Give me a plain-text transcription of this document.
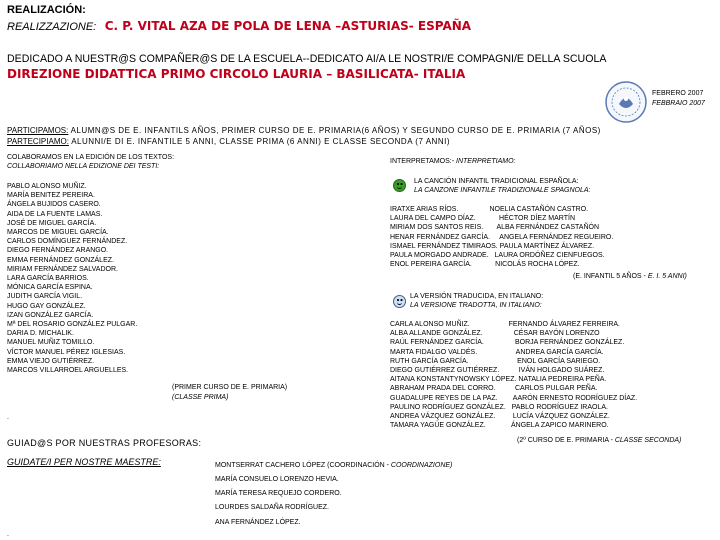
REALIZACIÓN:
REALIZZAZIONE: C. P. VITAL AZA DE POLA DE LENA –ASTURIAS- ESPAÑA
DEDICADO A NUESTR@S COMPAÑER@S DE LA ESCUELA--DEDICATO AI/A LE NOSTRI/E COMPAGNI/E DELLA SCUOLA
DIREZIONE DIDATTICA PRIMO CIRCOLO LAURIA – BASILICATA- ITALIA
FEBRERO 2007
FEBBRAIO 2007
PARTICIPAMOS: ALUMN@S DE E. INFANTILS AÑOS, PRIMER CURSO DE E. PRIMARIA(6 AÑOS) Y SEGUNDO CURSO DE E. PRIMARIA (7 AÑOS)
PARTECIPIAMO: ALUNNI/E DI E. INFANTILE 5 ANNI, CLASSE PRIMA (6 ANNI) E CLASSE SECONDA (7 ANNI)
COLABORAMOS EN LA EDICIÓN DE LOS TEXTOS:
COLLABORIAMO NELLA EDIZIONE DEI TESTI:
PABLO ALONSO MUÑIZ.
MARÍA BENITEZ PEREIRA.
ÁNGELA BUJIDOS CASERO.
AIDA DE LA FUENTE LAMAS.
JOSÉ DE MIGUEL GARCÍA.
MARCOS DE MIGUEL GARCÍA.
CARLOS DOMÍNGUEZ FERNÁNDEZ.
DIEGO FERNÁNDEZ ARANGO.
EMMA FERNÁNDEZ GONZÁLEZ.
MIRIAM FERNÁNDEZ SALVADOR.
LARA GARCÍA BARRIOS.
MÓNICA GARCÍA ESPINA.
JUDITH GARCÍA VIGIL.
HUGO GAY GONZÁLEZ.
IZAN GONZÁLEZ GARCÍA.
Mª DEL ROSARIO GONZÁLEZ PULGAR.
DARIA D. MICHALIK.
MANUEL MUÑIZ TOMILLO.
VÍCTOR MANUEL PÉREZ IGLESIAS.
EMMA VIEJO GUTIÉRREZ.
MARCOS VILLARROEL ARGUELLES.
(PRIMER CURSO DE E. PRIMARIA)
(CLASSE PRIMA)
.
GUIAD@S POR NUESTRAS PROFESORAS:
GUIDATE/I PER NOSTRE MAESTRE:	MONTSERRAT CACHERO LÓPEZ (COORDINACIÓN - COORDINAZIONE)
MARÍA CONSUELO LORENZO HEVIA.
MARÍA TERESA REQUEJO CORDERO.
LOURDES SALDAÑA RODRÍGUEZ.
ANA FERNÁNDEZ LÓPEZ.
.
INTERPRETAMOS:- INTERPRETIAMO:
LA CANCIÓN INFANTIL TRADICIONAL ESPAÑOLA:
LA CANZONE INFANTILE TRADIZIONALE SPAGNOLA:
IRATXE ARIAS RÍOS.                NOELIA CASTAÑÓN CASTRO.
LAURA DEL CAMPO DÍAZ.            HÉCTOR DÍEZ MARTÍN
MIRIAM DOS SANTOS REIS.       ALBA FERNÁNDEZ CASTAÑÓN
HENAR FERNÁNDEZ GARCÍA.     ANGELA FERNÁNDEZ REGUEIRO.
ISMAEL FERNÁNDEZ TIMIRAOS. PAULA MARTÍNEZ ÁLVAREZ.
PAULA MORGADO ANDRADE.   LAURA ORDÓÑEZ CIENFUEGOS.
ENOL PEREIRA GARCÍA.            NICOLÁS ROCHA LÓPEZ.
(E. INFANTIL 5 AÑOS - E. I. 5 ANNI)
LA VERSIÓN TRADUCIDA, EN ITALIANO:
LA VERSIONE TRADOTTA, IN ITALIANO:
CARLA ALONSO MUÑIZ.                    FERNANDO ÁLVAREZ FERREIRA.
ALBA ALLANDE GONZÁLEZ.                CÉSAR BAYÓN LORENZO
RAÚL FERNÁNDEZ GARCÍA.                BORJA FERNÁNDEZ GONZÁLEZ.
MARTA FIDALGO VALDÉS.                    ANDREA GARCÍA GARCÍA.
RUTH GARCÍA GARCÍA.                         ENOL GARCÍA SARIEGO.
DIEGO GUTIÉRREZ GUTIÉRREZ.          IVÁN HOLGADO SUÁREZ.
AITANA KONSTANTYNOWSKY LÓPEZ. NATALIA PEDREIRA PEÑA.
ABRAHAM PRADA DEL CORRO.          CARLOS PULGAR PEÑA.
GUADALUPE REYES DE LA PAZ.        AARÓN ERNESTO RODRÍGUEZ DÍAZ.
PAULINO RODRÍGUEZ GONZÁLEZ.   PABLO RODRÍGUEZ IRAOLA.
ANDREA VÁZQUEZ GONZÁLEZ.         LUCÍA VÁZQUEZ GONZÁLEZ.
TAMARA YAGÜE GONZÁLEZ.             ÁNGELA ZAPICO MARINERO.
(2º CURSO DE E. PRIMARIA - CLASSE SECONDA)
